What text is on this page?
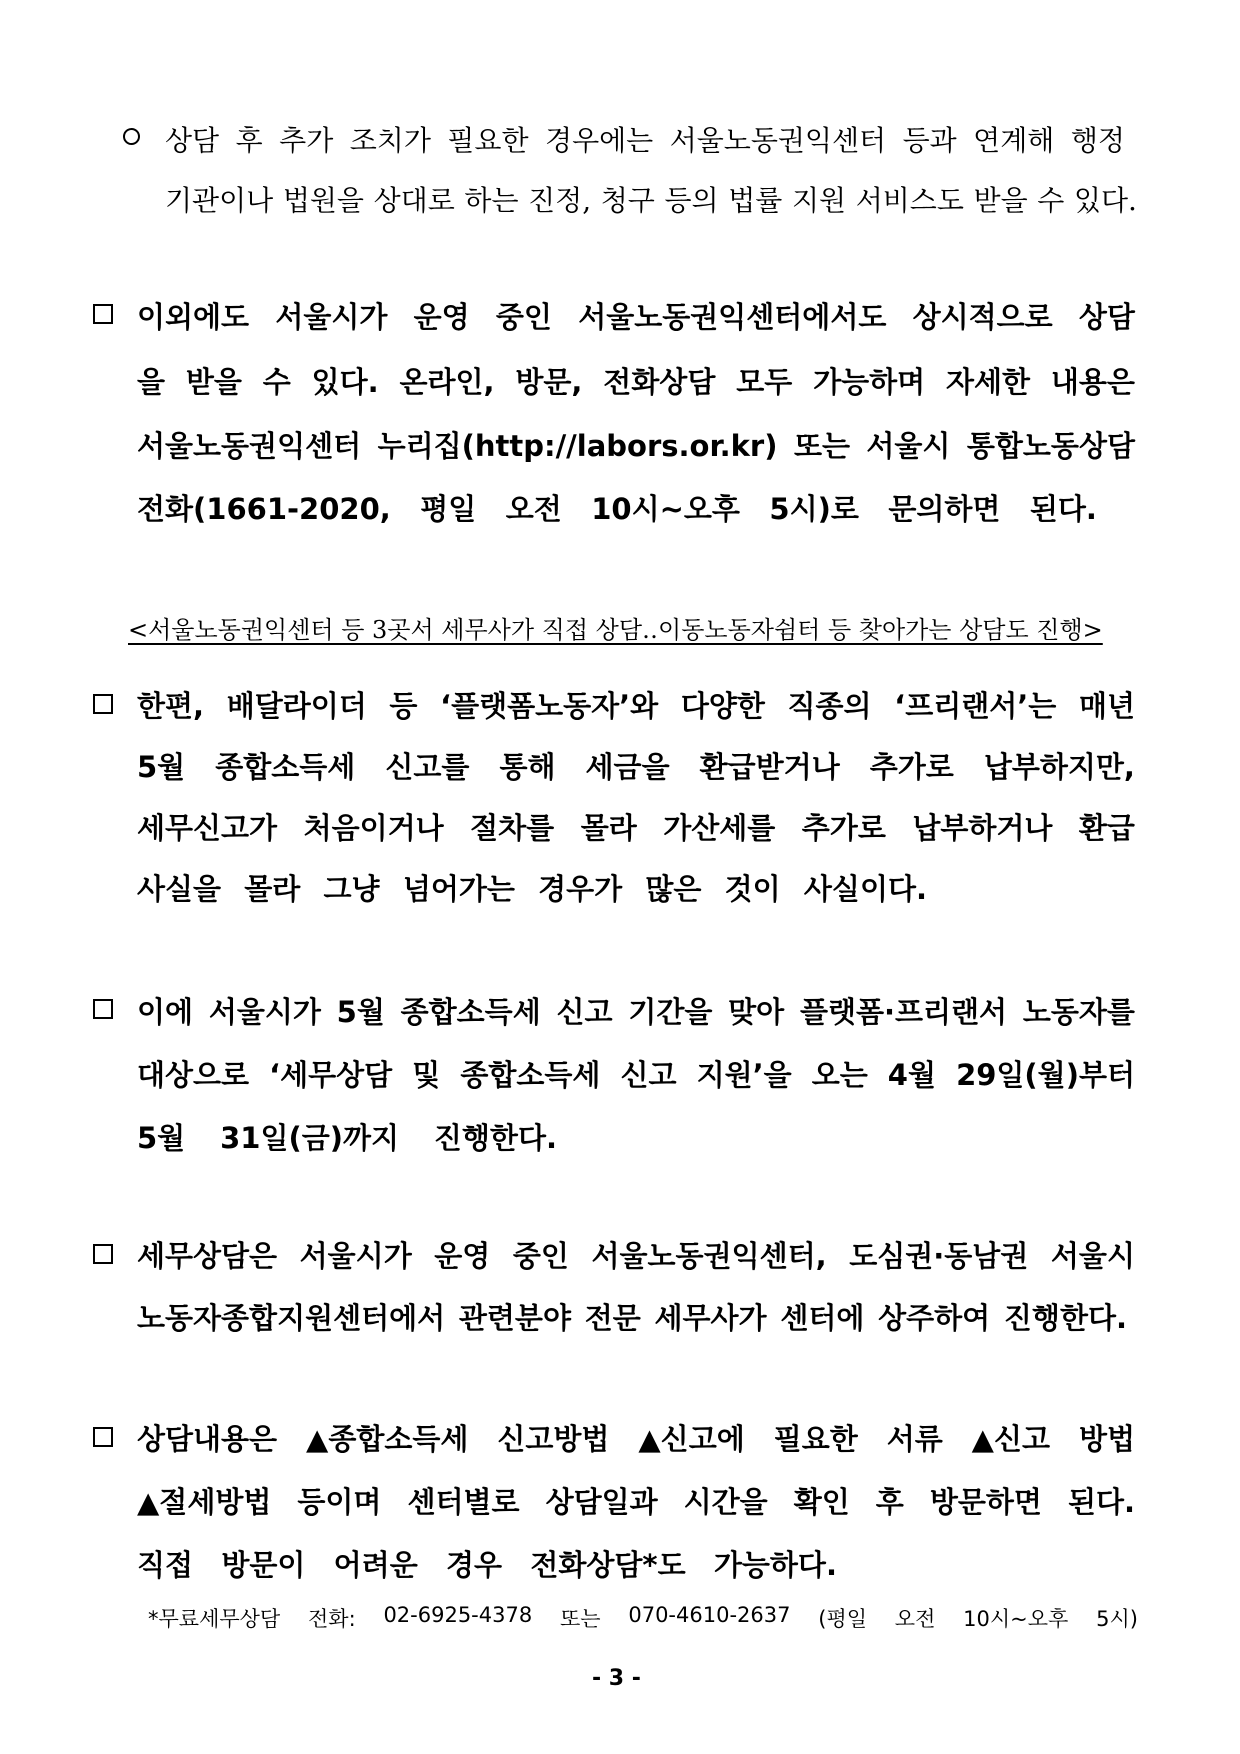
상담 후 추가 조치가 필요한 경우에는 서울노동권익센터 등과 연계해 행정
기관이나 법원을 상대로 하는 진정, 청구 등의 법률 지원 서비스도 받을 수 있다.
이외에도 서울시가 운영 중인 서울노동권익센터에서도 상시적으로 상담
을 받을 수 있다. 온라인, 방문, 전화상담 모두 가능하며 자세한 내용은
서울노동권익센터 누리집(http://labors.or.kr) 또는 서울시 통합노동상담
전화(1661-2020, 평일 오전 10시~오후 5시)로 문의하면 된다.
<서울노동권익센터 등 3곳서 세무사가 직접 상담‥이동노동자쉼터 등 찾아가는 상담도 진행>
한편, 배달라이더 등 ‘플랫폼노동자’와 다양한 직종의 ‘프리랜서’는 매년
5월 종합소득세 신고를 통해 세금을 환급받거나 추가로 납부하지만,
세무신고가 처음이거나 절차를 몰라 가산세를 추가로 납부하거나 환급
사실을 몰라 그냥 넘어가는 경우가 많은 것이 사실이다.
이에 서울시가 5월 종합소득세 신고 기간을 맞아 플랫폼·프리랜서 노동자를
대상으로 ‘세무상담 및 종합소득세 신고 지원’을 오는 4월 29일(월)부터
5월 31일(금)까지 진행한다.
세무상담은 서울시가 운영 중인 서울노동권익센터, 도심권·동남권 서울시
노동자종합지원센터에서 관련분야 전문 세무사가 센터에 상주하여 진행한다.
상담내용은 ▲종합소득세 신고방법 ▲신고에 필요한 서류 ▲신고 방법
▲절세방법 등이며 센터별로 상담일과 시간을 확인 후 방문하면 된다.
직접 방문이 어려운 경우 전화상담*도 가능하다.
*무료세무상담 전화: 02-6925-4378 또는 070-4610-2637 (평일 오전 10시~오후 5시)
- 3 -
